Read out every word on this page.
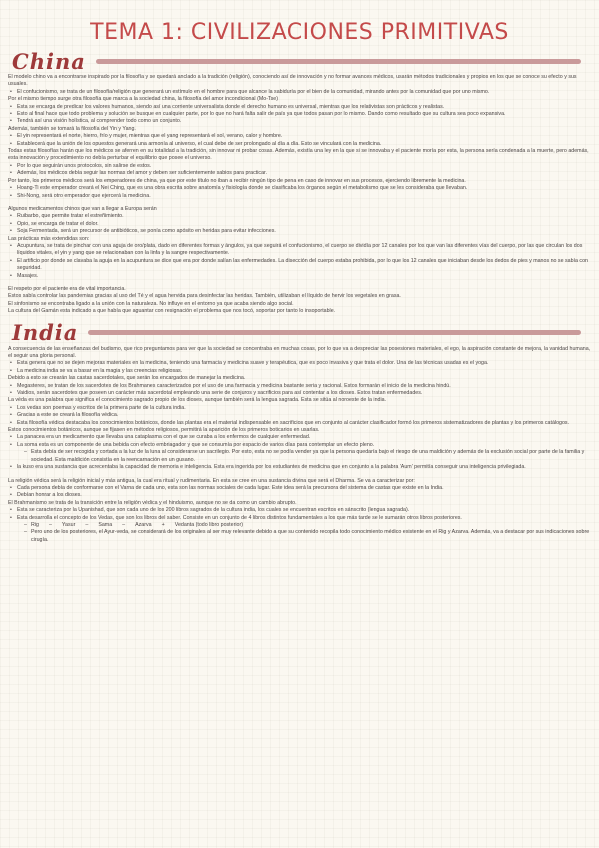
TEMA 1: CIVILIZACIONES PRIMITIVAS
China

El modelo chino va a encontrarse inspirado por la filosofía y se quedará anclado a la tradición (religión), conociendo así de innovación y no formar avances médicos, usarán métodos tradicionales y propios en los que se conoce su efecto y sus usuales.

• El confucionismo, se trata de un filosofía/religión que generará un estímulo en el hombre para que alcance la sabiduría por el bien de la comunidad, mirando antes por la comunidad que por uno mismo.

Por el mismo tiempo surge otra filosofía que marca a la sociedad china, la filosofía del amor incondicional (Mo-Tse)

• Esta se encarga de predicar los valores humanos, siendo así una corriente universalista donde el derecho humano es universal, mientras que los relativistas son prácticos y realistas.
• Esto al final hace que todo problema y solución se busque en cualquier parte, por lo que no hará falta salir de país ya que todos pasan por lo mismo. Dando como resultado que su cultura sea poco expansiva.
• Tendrá así una visión holística, al comprender todo como un conjunto.

Además, también se tomará la filosofía del Yin y Yang.

• El yin representará el norte, hierro, frío y mujer, mientras que el yang representará el sol, verano, calor y hombre.
• Establecerá que la unión de los opuestos generará una armonía al universo, el cual debe de ser prolongado al día a día. Esto se vinculará con la medicina.

Todas estas filosofías harán que los médicos se aferren en su totalidad a la tradición, sin innovar ni probar cosas. Además, existía una ley en la que si se innovaba y el paciente moría por esta, la persona sería condenada a la muerte, pero además, esta innovación y procedimiento no debía perturbar el equilibrio que posee el universo.

• Por lo que seguirán unos protocolos, sin salirse de estos.
• Además, los médicos debía seguir las normas del amor y deben ser suficientemente sabios para practicar.

Por tanto, los primeros médicos será los emperadores de china, ya que por este título no iban a recibir ningún tipo de pena en caso de innovar en sus procesos, ejerciendo libremente la medicina.

• Hoang-Ti este emperador creará el Nei Ching, que es una obra escrita sobre anatomía y fisiología donde se clasificaba los órganos según el metabolismo que se les consideraba que llevaban.
• Shi-Nong, será otro emperador que ejercerá la medicina.

Algunos medicamentos chinos que van a llegar a Europa serán

• Ruibarbo, que permite tratar el estreñimiento.
• Opio, se encarga de tratar el dolor.
• Soja Fermentada, será un precursor de antibióticos, se ponía como apósito en heridas para evitar infecciones.

Las prácticas más extendidas son:

• Acupuntura, se trata de pinchar con una aguja de oro/plata, dado en diferentes formas y ángulos, ya que seguirá el confucionismo, el cuerpo se dividía por 12 canales por los que van las diferentes vías del cuerpo, por las que circulan los dos líquidos vitales, el yin y yang que se relacionaban con la linfa y la sangre respectivamente.
• El artificio por donde se clavaba la aguja en la acupuntura se dice que era por donde salían las enfermedades. La disección del cuerpo estaba prohibida, por lo que los 12 canales que iniciaban desde los dedos de pies y manos no se sabía con seguridad.
• Masajes.

El respeto por el paciente era de vital importancia.

Estos sabía controlar las pandemias gracias al uso del Té y el agua hervida para desinfectar las heridas. También, utilizaban el líquido de hervir los vegetales en grasa.

El sinfonismo se encontraba ligado a la unión con la naturaleza. No influye en el entorno ya que acaba siendo algo social.

La cultura del Gamán esta indicado a que había que aguantar con resignación el problema que nos tocó, soportar por tanto lo insoportable.

India

A consecuencia de las enseñanzas del budismo, que rico preguntamos para ver que la sociedad se concentraba en muchas cosas, por lo que va a despreciar las posesiones materiales, el ego, la aspiración constante de mejora, la vanidad humana, el seguir una gloria personal.

• Esta genera que no se dejen mejoras materiales en la medicina, teniendo una farmacia y medicina suave y terapéutica, que es poco invasiva y que trata el dolor. Una de las técnicas usadas es el yoga.
• La medicina india se va a basar en la magia y las creencias religiosas.

Debido a esto se crearán las castas sacerdotales, que serán los encargados de manejar la medicina.

• Megasteres, se tratan de los sacerdotes de los Brahmanes caracterizados por el uso de una farmacia y medicina bastante seria y racional. Estos formarán el inicio de la medicina hindú.
• Vaidios, serán sacerdotes que poseen un carácter más sacerdotal empleando una serie de conjuros y sacrificios para así contentar a los dioses. Estos tratan enfermedades.

La véda es una palabra que significa el conocimiento sagrado propio de los dioses, aunque también será la lengua sagrada. Esta se sitúa al noroeste de la india.

• Los vedas son poemas y escritos de la primera parte de la cultura india.
• Gracias a este se creará la filosofía védica.
• Esta filosofía védica destacaba los conocimientos botánicos, donde las plantas era el material indispensable en sacrificios que en conjunto al carácter clasificador formó los primeros sistematizadores de plantas y los primeros catálogos.

Estos conocimientos botánicos, aunque se fijasen en métodos religiosos, permitirá la aparición de los primeros boticarios en usarlas.

• La panacea era un medicamento que llevaba una cataplasma con el que se curaba a los enfermos de cualquier enfermedad.
• La soma esta es un componente de una bebida con efecto embriagador y que se consumía por espacio de varios días para contemplar un efecto pleno.
– Esta debía de ser recogida y cortada a la luz de la luna al considerarse un sacrilegio. Por esto, esta no se podía vender ya que la persona quedaría bajo el riesgo de una maldición y además de la exclusión social por parte de la familia y sociedad. Esta maldición consistía en la reencarnación en un gusano.
• la kuso era una sustancia que acrecentaba la capacidad de memoria e inteligencia. Esta era ingerida por los estudiantes de medicina que en conjunto a la palabra 'Aum' permitía conseguir una inteligencia privilegiada.

La religión védica será la religión inicial y más antigua, la cual era ritual y rudimentaria. En esta se cree en una sustancia divina que será el Dharma. Se va a caracterizar por:

• Cada persona debía de conformarse con el Varna de cada uno, esta son las normas sociales de cada lugar. Este idea será la precursora del sistema de castas que existe en la India.
• Debían honrar a los dioses.

El Brahmanismo se trata de la transición entre la religión védica y el hinduismo, aunque no se da como un cambio abrupto.

• Esta se caracteriza por la Upanishad, que son cada uno de los 200 libros sagrados de la cultura india, los cuales se encuentran escritos en sánscrito (lengua sagrada).
• Esta desarrolla el concepto de los Vedas, que son los libros del saber. Consiste en un conjunto de 4 libros distintos fundamentales a los que más tarde se le sumarán otros libros posteriores.
– Rig – Yasur – Sama – Azarva + Vedanta (todo libro posterior)
– Pero uno de los posteriores, el Ayur-veda, se considerará de los originales al ser muy relevante debido a que su contenido recopila todo conocimiento médico existente en el Rig y Azarva. Además, va a destacar por sus indicaciones sobre cirugía.
